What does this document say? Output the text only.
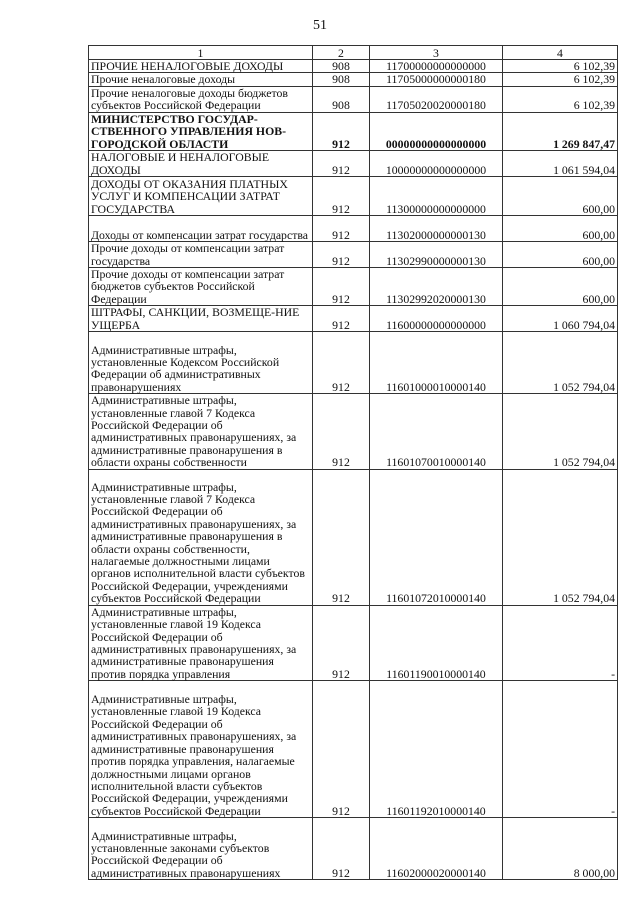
51
1	2	3	4
ПРОЧИЕ НЕНАЛОГОВЫЕ ДОХОДЫ	908	11700000000000000	6 102,39
Прочие неналоговые доходы	908	11705000000000180	6 102,39
Прочие неналоговые доходы бюджетов субъектов Российской Федерации	908	11705020020000180	6 102,39
МИНИСТЕРСТВО ГОСУДАР-СТВЕННОГО УПРАВЛЕНИЯ НОВ-ГОРОДСКОЙ ОБЛАСТИ	912	00000000000000000	1 269 847,47
НАЛОГОВЫЕ И НЕНАЛОГОВЫЕ ДОХОДЫ	912	10000000000000000	1 061 594,04
ДОХОДЫ ОТ ОКАЗАНИЯ ПЛАТНЫХ УСЛУГ И КОМПЕНСАЦИИ ЗАТРАТ ГОСУДАРСТВА	912	11300000000000000	600,00
Доходы от компенсации затрат государства	912	11302000000000130	600,00
Прочие доходы от компенсации затрат государства	912	11302990000000130	600,00
Прочие доходы от компенсации затрат бюджетов субъектов Российской Федерации	912	11302992020000130	600,00
ШТРАФЫ, САНКЦИИ, ВОЗМЕЩЕ-НИЕ УЩЕРБА	912	11600000000000000	1 060 794,04
Административные штрафы, установленные Кодексом Российской Федерации об административных правонарушениях	912	11601000010000140	1 052 794,04
Административные штрафы, установленные главой 7 Кодекса Российской Федерации об административных правонарушениях, за административные правонарушения в области охраны собственности	912	11601070010000140	1 052 794,04
Административные штрафы, установленные главой 7 Кодекса Российской Федерации об административных правонарушениях, за административные правонарушения в области охраны собственности, налагаемые должностными лицами органов исполнительной власти субъектов Российской Федерации, учреждениями субъектов Российской Федерации	912	11601072010000140	1 052 794,04
Административные штрафы, установленные главой 19 Кодекса Российской Федерации об административных правонарушениях, за административные правонарушения против порядка управления	912	11601190010000140	-
Административные штрафы, установленные главой 19 Кодекса Российской Федерации об административных правонарушениях, за административные правонарушения против порядка управления, налагаемые должностными лицами органов исполнительной власти субъектов Российской Федерации, учреждениями субъектов Российской Федерации	912	11601192010000140	-
Административные штрафы, установленные законами субъектов Российской Федерации об административных правонарушениях	912	11602000020000140	8 000,00
